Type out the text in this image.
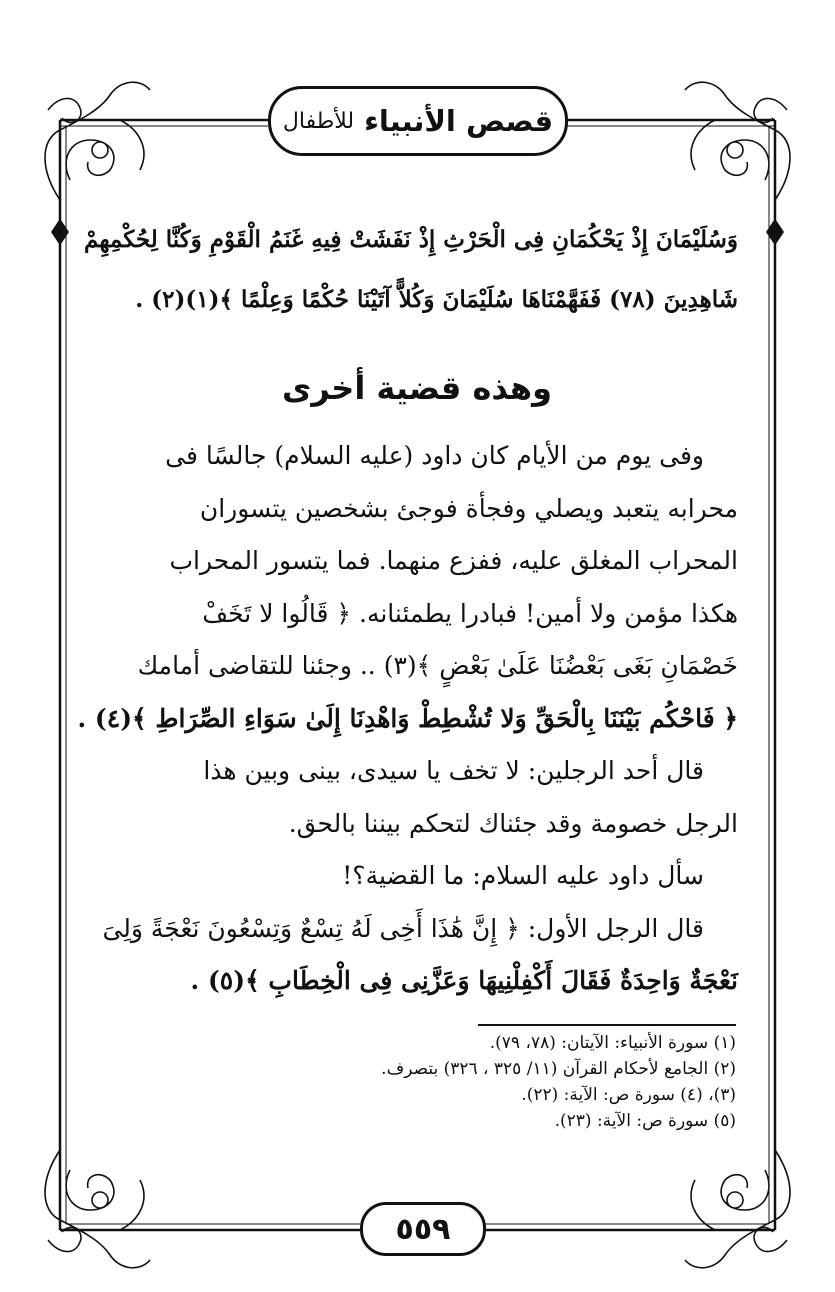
قصص الأنبياء
للأطفال
وَسُلَيْمَانَ إِذْ يَحْكُمَانِ فِى الْحَرْثِ إِذْ نَفَشَتْ فِيهِ غَنَمُ الْقَوْمِ وَكُنَّا لِحُكْمِهِمْ
شَاهِدِينَ (٧٨) فَفَهَّمْنَاهَا سُلَيْمَانَ وَكُلاًّ آتَيْنَا حُكْمًا وَعِلْمًا ﴾(١)(٢) .
وهذه قضية أخرى
وفى يوم من الأيام كان داود (عليه السلام) جالسًا فى
محرابه يتعبد ويصلي وفجأة فوجئ بشخصين يتسوران
المحراب المغلق عليه، ففزع منهما. فما يتسور المحراب
هكذا مؤمن ولا أمين! فبادرا يطمئنانه. ﴿ قَالُوا لا تَخَفْ
خَصْمَانِ بَغَى بَعْضُنَا عَلَىٰ بَعْضٍ ﴾(٣) .. وجئنا للتقاضى أمامك
﴿ فَاحْكُم بَيْنَنَا بِالْحَقِّ وَلا تُشْطِطْ وَاهْدِنَا إِلَىٰ سَوَاءِ الصِّرَاطِ ﴾(٤) .
قال أحد الرجلين: لا تخف يا سيدى، بينى وبين هذا
الرجل خصومة وقد جئناك لتحكم بيننا بالحق.
سأل داود عليه السلام: ما القضية؟!
قال الرجل الأول: ﴿ إِنَّ هَٰذَا أَخِى لَهُ تِسْعٌ وَتِسْعُونَ نَعْجَةً وَلِىَ
نَعْجَةٌ وَاحِدَةٌ فَقَالَ أَكْفِلْنِيهَا وَعَزَّنِى فِى الْخِطَابِ ﴾(٥) .
(١) سورة الأنبياء: الآيتان: (٧٨، ٧٩).
(٢) الجامع لأحكام القرآن (١١/ ٣٢٥ ، ٣٢٦) بتصرف.
(٣)، (٤) سورة ص: الآية: (٢٢).
(٥) سورة ص: الآية: (٢٣).
٥٥٩
